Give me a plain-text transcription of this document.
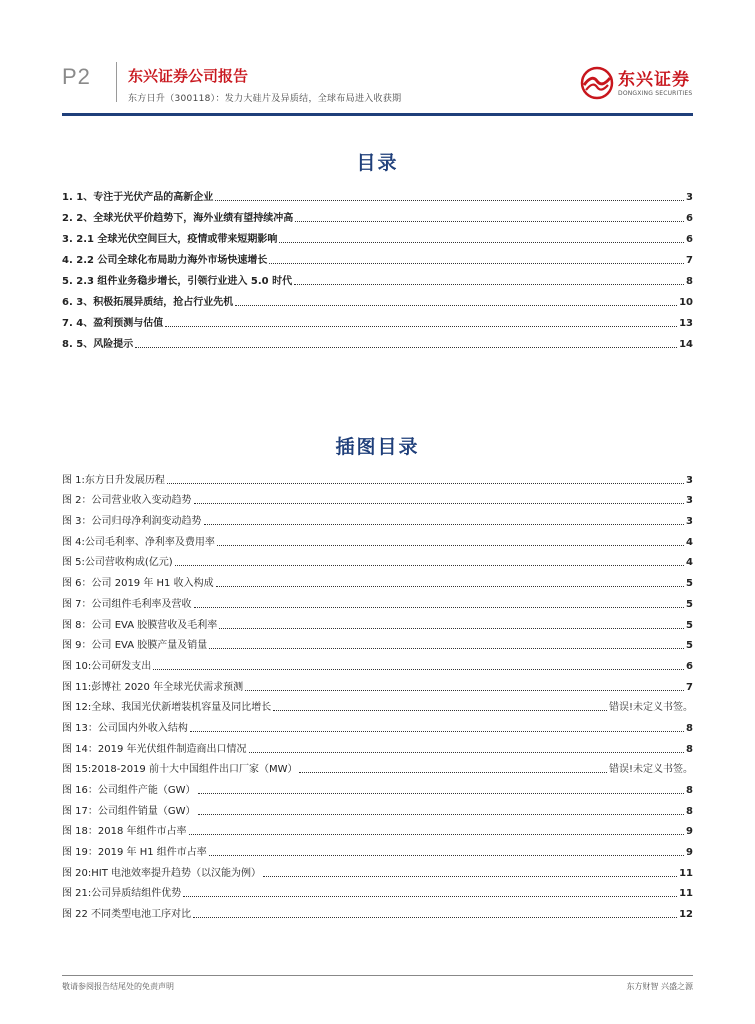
P2 东兴证券公司报告
东方日升（300118）：发力大硅片及异质结，全球布局进入收获期
东兴证券
DONGXING SECURITIES
目录
1. 1、专注于光伏产品的高新企业	3
2. 2、全球光伏平价趋势下，海外业绩有望持续冲高	6
3. 2.1 全球光伏空间巨大，疫情或带来短期影响	6
4. 2.2 公司全球化布局助力海外市场快速增长	7
5. 2.3 组件业务稳步增长，引领行业进入 5.0 时代	8
6. 3、积极拓展异质结，抢占行业先机	10
7. 4、盈利预测与估值	13
8. 5、风险提示	14
插图目录
图 1:东方日升发展历程	3
图 2：公司营业收入变动趋势	3
图 3：公司归母净利润变动趋势	3
图 4:公司毛利率、净利率及费用率	4
图 5:公司营收构成(亿元)	4
图 6：公司 2019 年 H1 收入构成	5
图 7：公司组件毛利率及营收	5
图 8：公司 EVA 胶膜营收及毛利率	5
图 9：公司 EVA 胶膜产量及销量	5
图 10:公司研发支出	6
图 11:彭博社 2020 年全球光伏需求预测	7
图 12:全球、我国光伏新增装机容量及同比增长	错误!未定义书签。
图 13：公司国内外收入结构	8
图 14：2019 年光伏组件制造商出口情况	8
图 15:2018-2019 前十大中国组件出口厂家（MW）	错误!未定义书签。
图 16：公司组件产能（GW）	8
图 17：公司组件销量（GW）	8
图 18：2018 年组件市占率	9
图 19：2019 年 H1 组件市占率	9
图 20:HIT 电池效率提升趋势（以汉能为例）	11
图 21:公司异质结组件优势	11
图 22 不同类型电池工序对比	12
敬请参阅报告结尾处的免责声明	东方财智 兴盛之源
